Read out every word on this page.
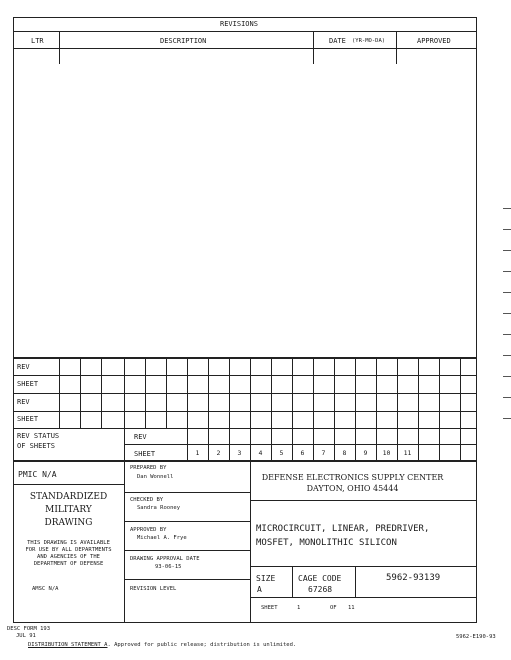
REVISIONS
LTR	DESCRIPTION	DATE (YR-MO-DA)	APPROVED
REV
SHEET
REV
SHEET
REV STATUS
OF SHEETS
REV
SHEET	1	2	3	4	5	6	7	8	9	10	11
PMIC N/A
STANDARDIZED
MILITARY
DRAWING
THIS DRAWING IS AVAILABLE
FOR USE BY ALL DEPARTMENTS
AND AGENCIES OF THE
DEPARTMENT OF DEFENSE
AMSC N/A
PREPARED BY
Dan Wonnell
CHECKED BY
Sandra Rooney
APPROVED BY
Michael A. Frye
DRAWING APPROVAL DATE
93-06-15
REVISION LEVEL
DEFENSE ELECTRONICS SUPPLY CENTER
DAYTON, OHIO 45444
MICROCIRCUIT, LINEAR, PREDRIVER,
MOSFET, MONOLITHIC SILICON
SIZE
A
CAGE CODE
67268
5962-93139
SHEET	1	OF 11
DESC FORM 193
JUL 91
DISTRIBUTION STATEMENT A. Approved for public release; distribution is unlimited.
5962-E190-93
